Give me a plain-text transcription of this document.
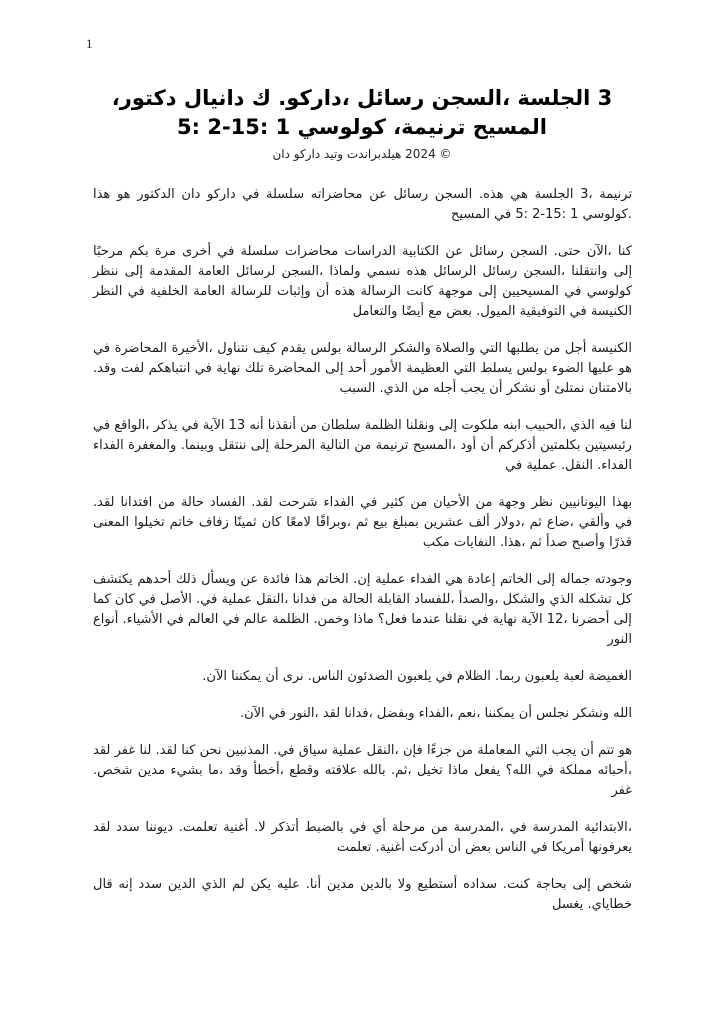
1
‎،دكتور ‎دانيال ‎ك ‎.داركو، ‎رسائل ‎السجن، ‎الجلسة ‎3
‎5: ‎2-15: ‎1 ‎كولوسي ‎،ترنيمة ‎المسيح
‎دان ‎داركو ‎وتيد ‎هيلدبراندت ‎2024 ‎©

‎هذا ‎هو ‎الدكتور ‎دان ‎داركو ‎في ‎سلسلة ‎محاضراته ‎عن ‎رسائل ‎السجن ‎.هذه ‎هي ‎الجلسة ‎3، ‎ترنيمة ‎المسيح ‎في ‎5: ‎2-15: ‎1 ‎كولوسي.

‎مرحبًا ‎بكم ‎مرة ‎أخرى ‎في ‎سلسلة ‎محاضرات ‎الدراسات ‎الكتابية ‎عن ‎رسائل ‎السجن ‎.حتى ‎الآن، ‎كنا ‎ننظر ‎إلى ‎المقدمة ‎العامة ‎لرسائل ‎السجن، ‎ولماذا ‎نسمي ‎هذه ‎الرسائل ‎رسائل ‎السجن، ‎وانتقلنا ‎إلى ‎النظر ‎في ‎الخلفية ‎العامة ‎للرسالة ‎وإثبات ‎أن ‎هذه ‎الرسالة ‎كانت ‎موجهة ‎إلى ‎المسيحيين ‎في ‎كولوسي ‎والتعامل ‎أيضًا ‎مع ‎بعض ‎.الميول ‎التوفيقية ‎في ‎الكنيسة

‎في ‎المحاضرة ‎الأخيرة، ‎نتناول ‎كيف ‎يقدم ‎بولس ‎الرسالة ‎والشكر ‎والصلاة ‎التي ‎يطلبها ‎من ‎أجل ‎الكنيسة ‎.وقد ‎لفت ‎انتباهكم ‎في ‎نهاية ‎تلك ‎المحاضرة ‎إلى ‎أحد ‎الأمور ‎العظيمة ‎التي ‎يسلط ‎بولس ‎الضوء ‎عليها ‎هو ‎السبب ‎.الذي ‎من ‎أجله ‎يجب ‎أن ‎نشكر ‎أو ‎نمتلئ ‎بالامتنان

‎في ‎الواقع، ‎يذكر ‎في ‎الآية ‎13 ‎أنه ‎أنقذنا ‎من ‎سلطان ‎الظلمة ‎ونقلنا ‎إلى ‎ملكوت ‎ابنه ‎الحبيب، ‎الذي ‎فيه ‎لنا ‎الفداء ‎والمغفرة ‎.وبينما ‎ننتقل ‎إلى ‎المرحلة ‎التالية ‎من ‎ترنيمة ‎المسيح، ‎أود ‎أن ‎أذكركم ‎بكلمتين ‎رئيسيتين ‎في ‎عملية ‎.النقل ‎.الفداء

‎.لقد ‎افتدانا ‎من ‎حالة ‎الفساد ‎.لقد ‎شرحت ‎الفداء ‎في ‎كثير ‎من ‎الأحيان ‎من ‎وجهة ‎نظر ‎اليونانيين ‎بهذا ‎المعنى ‎تخيلوا ‎خاتم ‎زفاف ‎ثمينًا ‎كان ‎لامعًا ‎وبراقًا، ‎ثم ‎بيع ‎بمبلغ ‎عشرين ‎ألف ‎دولار، ‎ثم ‎ضاع، ‎وألقي ‎في ‎مكب ‎النفايات ‎.هذا، ‎ثم ‎صدأ ‎وأصبح ‎قذرًا

‎يكتشف ‎أحدهم ‎ذلك ‎ويسأل ‎عن ‎فائدة ‎هذا ‎الخاتم ‎.إن ‎عملية ‎الفداء ‎هي ‎إعادة ‎الخاتم ‎إلى ‎جماله ‎وجودته ‎كما ‎كان ‎في ‎الأصل ‎.في ‎عملية ‎النقل، ‎فدانا ‎من ‎الحالة ‎القابلة ‎للفساد، ‎والصدأ، ‎والشكل ‎الذي ‎تشكله ‎كل ‎أنواع ‎.الأشياء ‎في ‎العالم ‎في ‎عالم ‎الظلمة ‎.وخمن ‎ماذا ‎فعل؟ ‎عندما ‎نقلنا ‎في ‎نهاية ‎الآية ‎12، ‎أحضرنا ‎إلى ‎النور

‎.الآن ‎يمكننا ‎أن ‎نرى ‎.الناس ‎الصدئون ‎يلعبون ‎في ‎الظلام ‎.ربما ‎يلعبون ‎لعبة ‎الغميضة

‎.الآن ‎في ‎النور، ‎لقد ‎فدانا، ‎وبفضل ‎الفداء، ‎نعم، ‎يمكننا ‎أن ‎نجلس ‎ونشكر ‎الله

‎لقد ‎غفر ‎لنا ‎.لقد ‎كنا ‎نحن ‎المذنبين ‎.في ‎سياق ‎عملية ‎النقل، ‎فإن ‎جزءًا ‎من ‎المعاملة ‎التي ‎يجب ‎أن ‎تتم ‎هو ‎.شخص ‎مدين ‎بشيء ‎ما، ‎وقد ‎أخطأ، ‎وقطع ‎علاقته ‎بالله ‎.ثم، ‎تخيل ‎ماذا ‎يفعل ‎الله؟ ‎في ‎مملكة ‎أحبائه، ‎غفر

‎لقد ‎سدد ‎ديوننا ‎.تعلمت ‎أغنية ‎.لا ‎أتذكر ‎بالضبط ‎في ‎أي ‎مرحلة ‎من ‎المدرسة، ‎في ‎المدرسة ‎الابتدائية، ‎تعلمت ‎.أغنية ‎أدركت ‎أن ‎بعض ‎الناس ‎في ‎أمريكا ‎يعرفونها

‎قال ‎إنه ‎سدد ‎الدين ‎الذي ‎لم ‎يكن ‎عليه ‎.أنا ‎مدين ‎بالدين ‎ولا ‎أستطيع ‎سداده ‎.كنت ‎بحاجة ‎إلى ‎شخص ‎يغسل ‎.خطاياي
